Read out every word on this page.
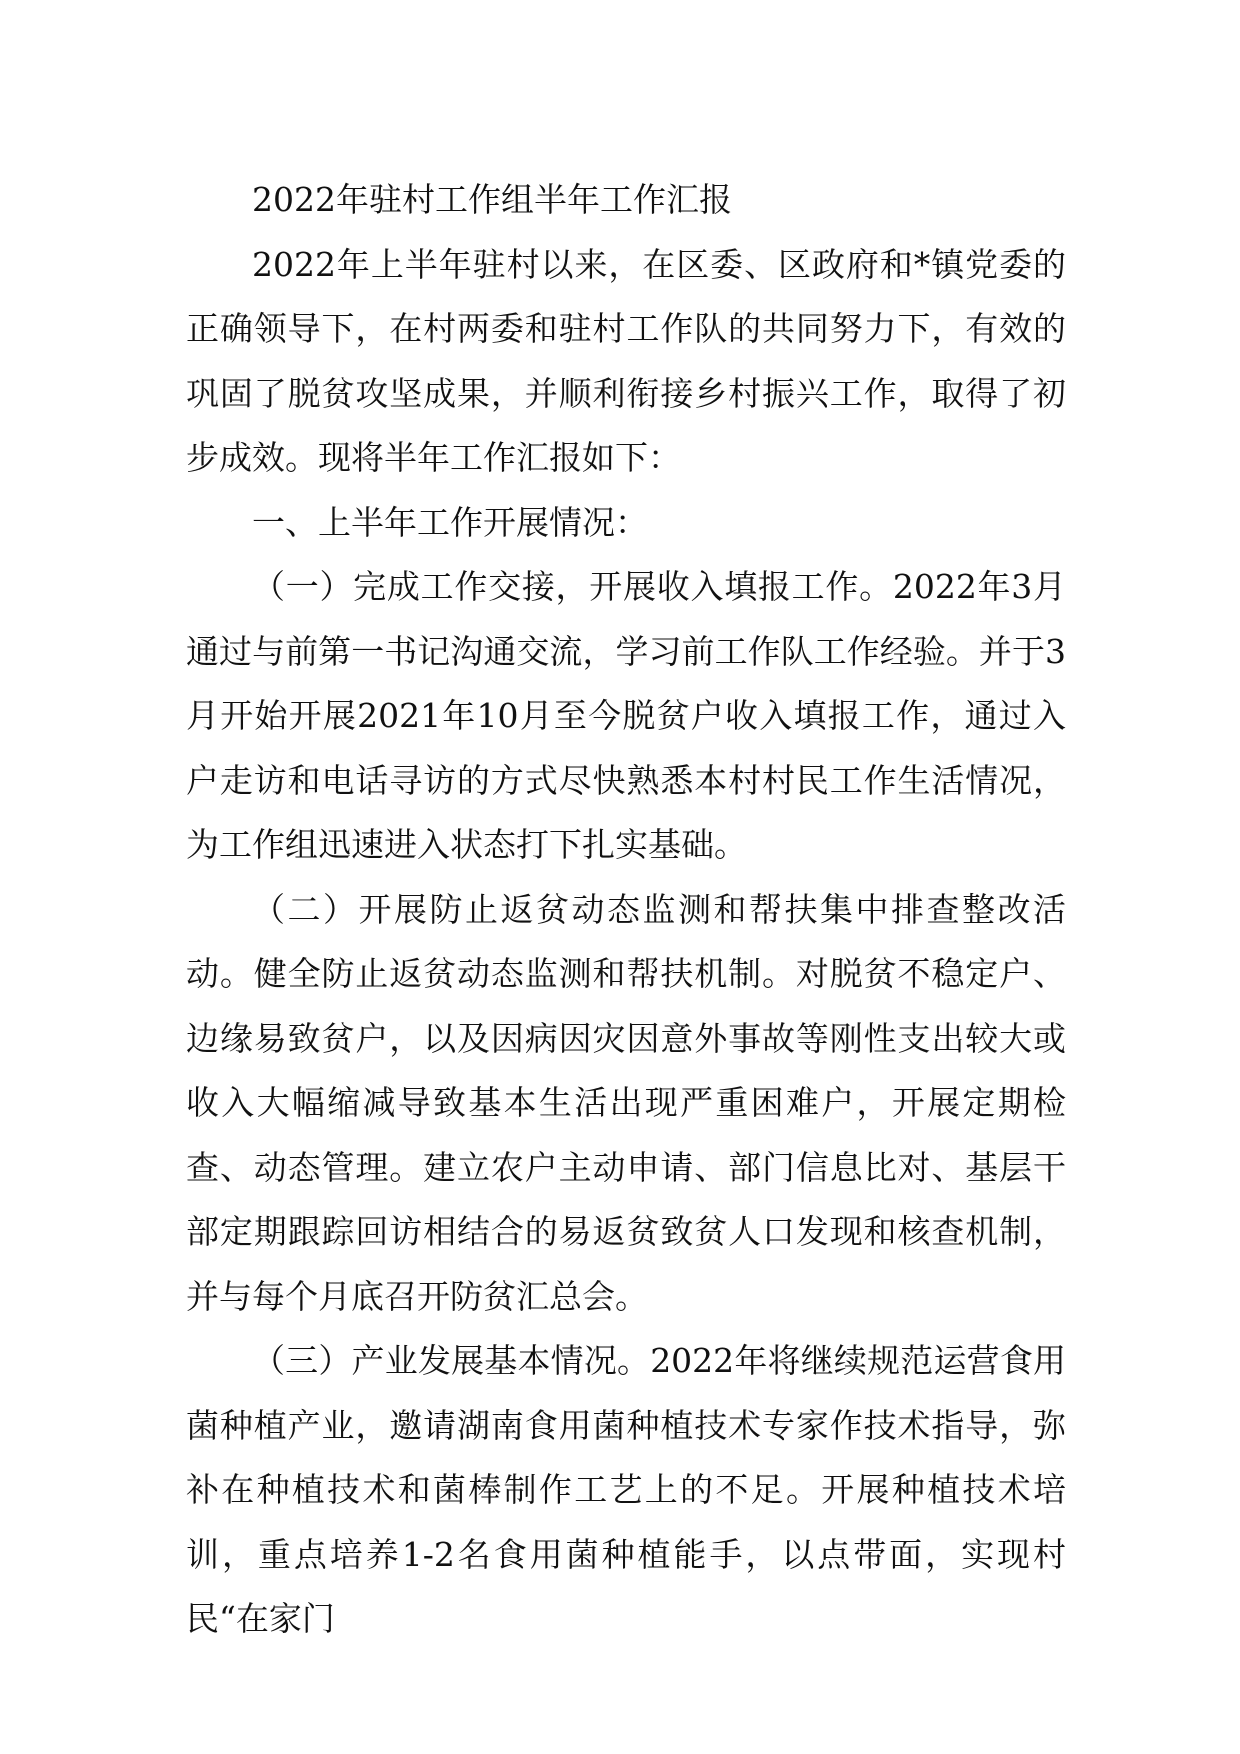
2022年驻村工作组半年工作汇报

2022年上半年驻村以来，在区委、区政府和*镇党委的正确领导下，在村两委和驻村工作队的共同努力下，有效的巩固了脱贫攻坚成果，并顺利衔接乡村振兴工作，取得了初步成效。现将半年工作汇报如下：

一、上半年工作开展情况：

（一）完成工作交接，开展收入填报工作。2022年3月通过与前第一书记沟通交流，学习前工作队工作经验。并于3月开始开展2021年10月至今脱贫户收入填报工作，通过入户走访和电话寻访的方式尽快熟悉本村村民工作生活情况，为工作组迅速进入状态打下扎实基础。

（二）开展防止返贫动态监测和帮扶集中排查整改活动。健全防止返贫动态监测和帮扶机制。对脱贫不稳定户、边缘易致贫户，以及因病因灾因意外事故等刚性支出较大或收入大幅缩减导致基本生活出现严重困难户，开展定期检查、动态管理。建立农户主动申请、部门信息比对、基层干部定期跟踪回访相结合的易返贫致贫人口发现和核查机制，并与每个月底召开防贫汇总会。

（三）产业发展基本情况。2022年将继续规范运营食用菌种植产业，邀请湖南食用菌种植技术专家作技术指导，弥补在种植技术和菌棒制作工艺上的不足。开展种植技术培训，重点培养1-2名食用菌种植能手，以点带面，实现村民“在家门
